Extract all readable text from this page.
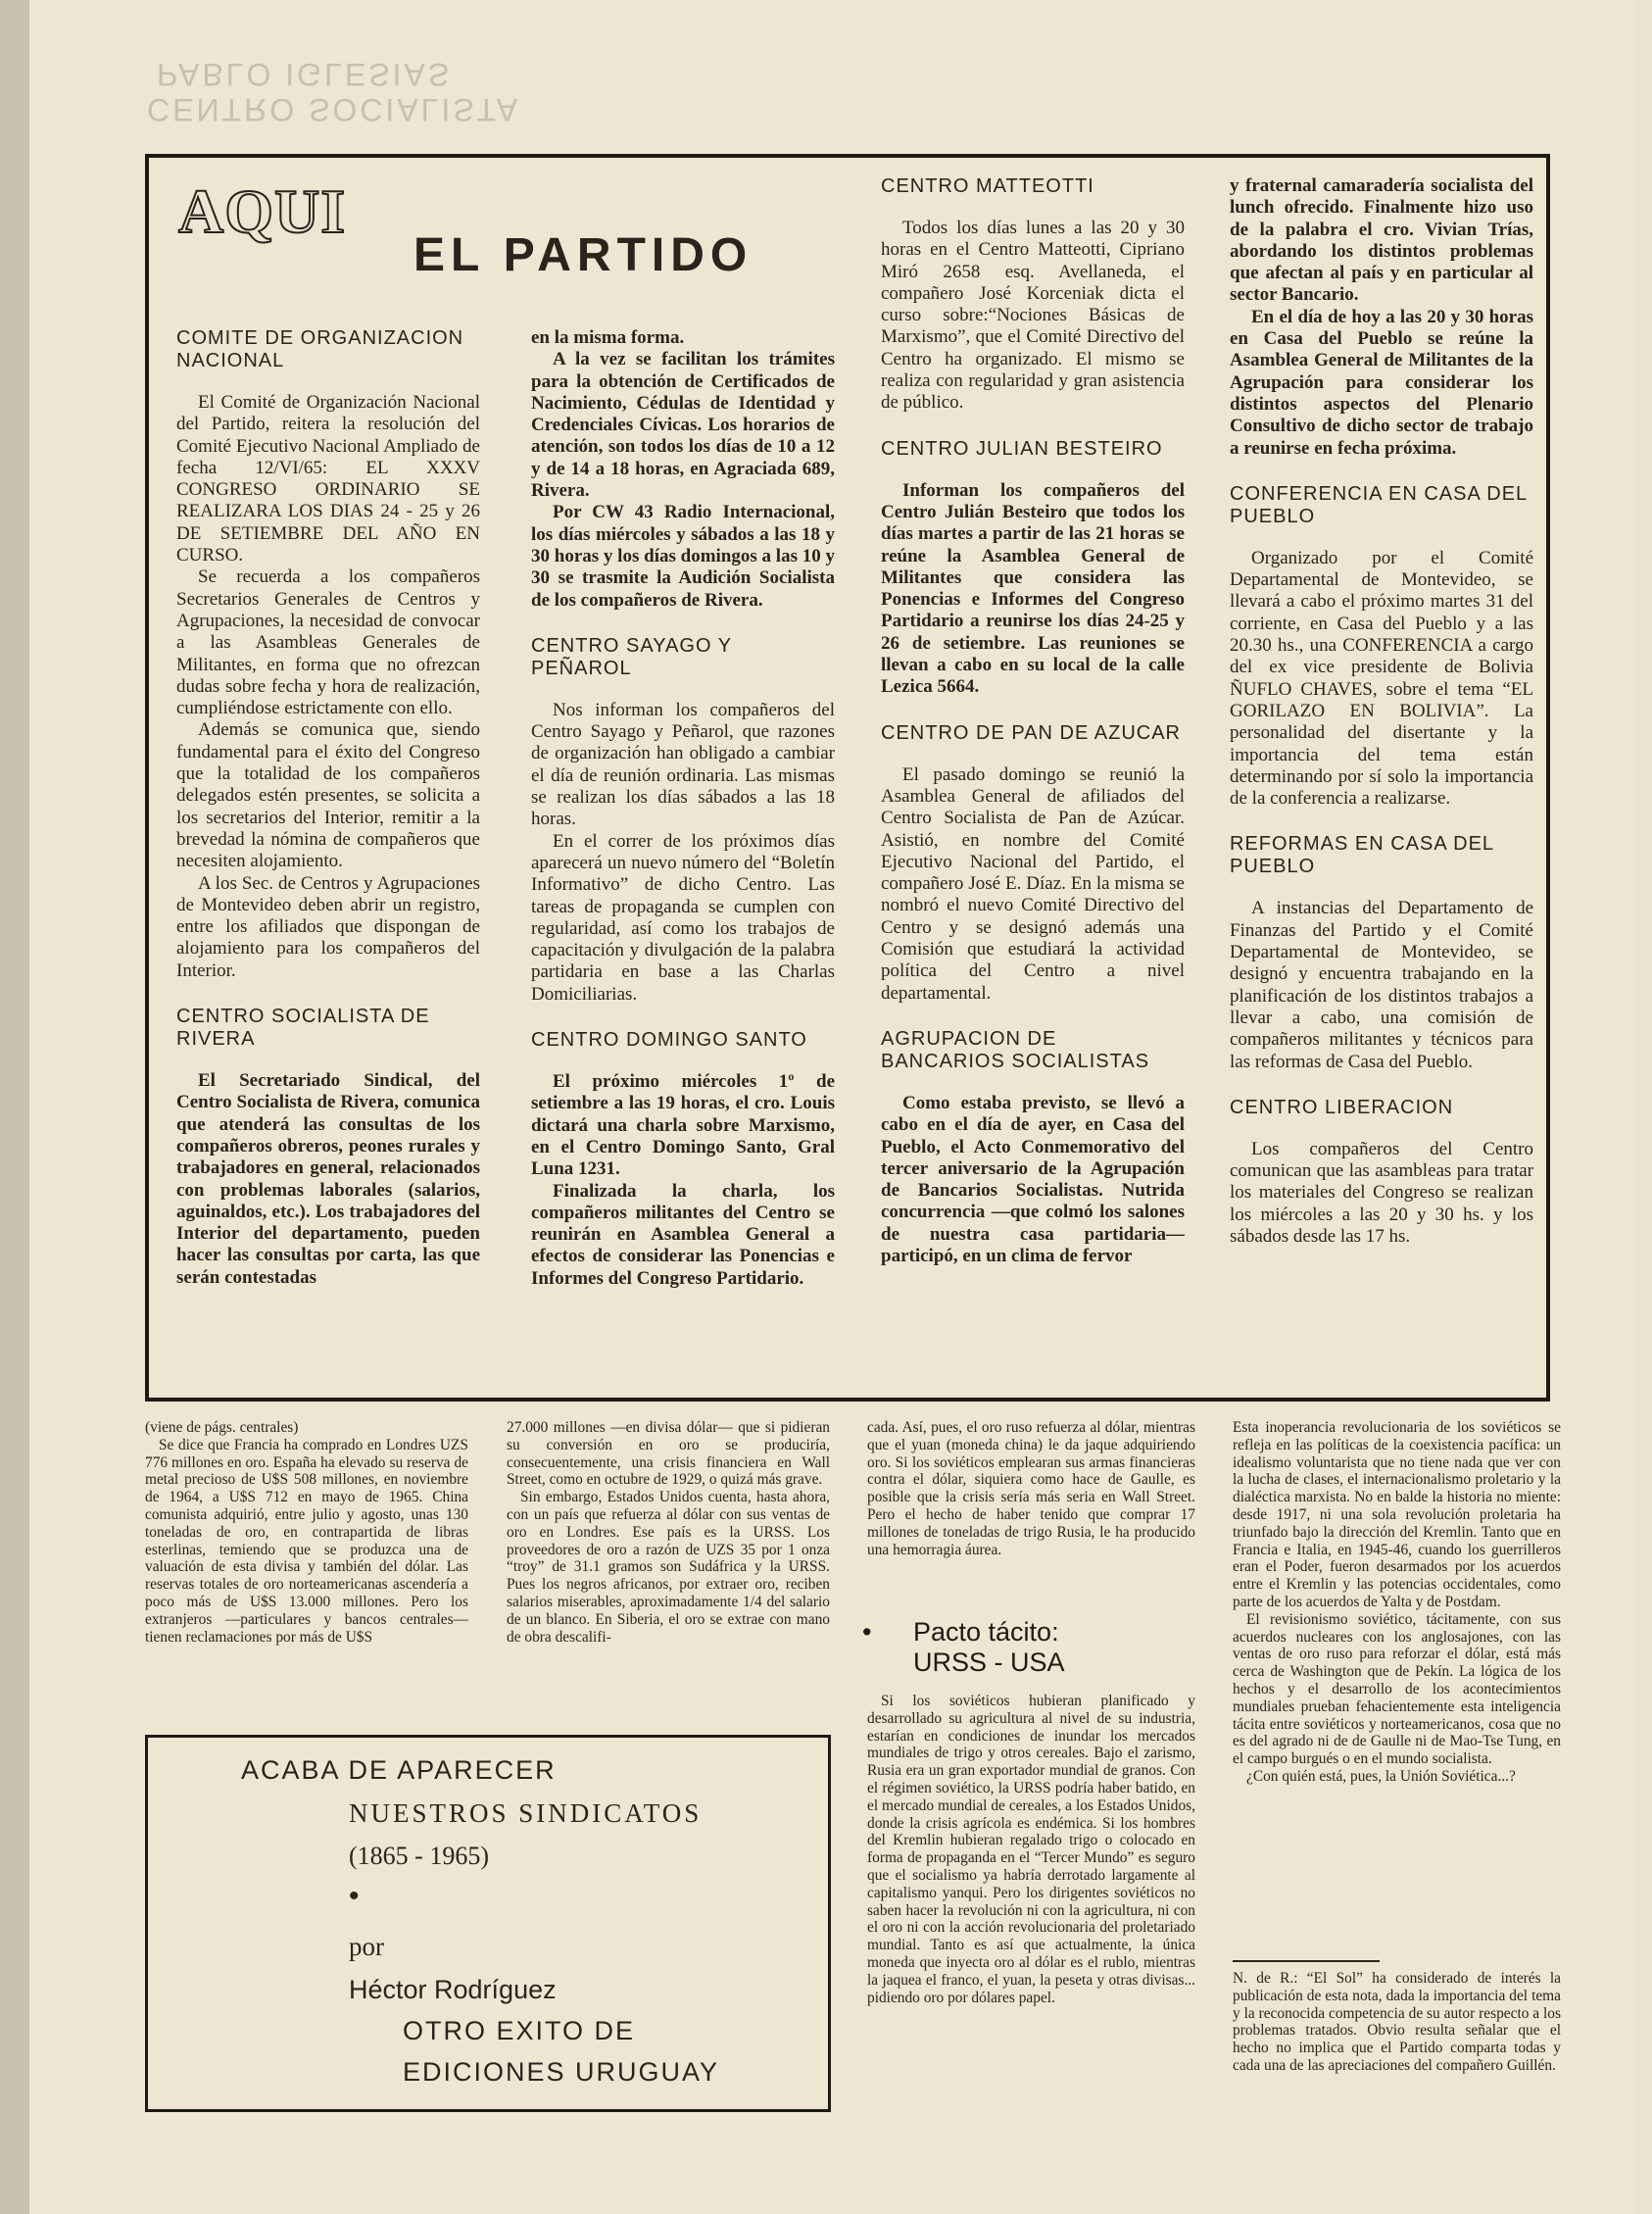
CENTRO SOCIALISTA
PABLO IGLESIAS
AQUI
EL PARTIDO
COMITE DE ORGANIZACION NACIONAL

El Comité de Organización Nacional del Partido, reitera la resolución del Comité Ejecutivo Nacional Ampliado de fecha 12/VI/65: EL XXXV CONGRESO ORDINARIO SE REALIZARA LOS DIAS 24 - 25 y 26 DE SETIEMBRE DEL AÑO EN CURSO.

Se recuerda a los compañeros Secretarios Generales de Centros y Agrupaciones, la necesidad de convocar a las Asambleas Generales de Militantes, en forma que no ofrezcan dudas sobre fecha y hora de realización, cumpliéndose estrictamente con ello.

Además se comunica que, siendo fundamental para el éxito del Congreso que la totalidad de los compañeros delegados estén presentes, se solicita a los secretarios del Interior, remitir a la brevedad la nómina de compañeros que necesiten alojamiento.

A los Sec. de Centros y Agrupaciones de Montevideo deben abrir un registro, entre los afiliados que dispongan de alojamiento para los compañeros del Interior.

CENTRO SOCIALISTA DE RIVERA

El Secretariado Sindical, del Centro Socialista de Rivera, comunica que atenderá las consultas de los compañeros obreros, peones rurales y trabajadores en general, relacionados con problemas laborales (salarios, aguinaldos, etc.). Los trabajadores del Interior del departamento, pueden hacer las consultas por carta, las que serán contestadas

en la misma forma.

A la vez se facilitan los trámites para la obtención de Certificados de Nacimiento, Cédulas de Identidad y Credenciales Cívicas. Los horarios de atención, son todos los días de 10 a 12 y de 14 a 18 horas, en Agraciada 689, Rivera.

Por CW 43 Radio Internacional, los días miércoles y sábados a las 18 y 30 horas y los días domingos a las 10 y 30 se trasmite la Audición Socialista de los compañeros de Rivera.

CENTRO SAYAGO Y PEÑAROL

Nos informan los compañeros del Centro Sayago y Peñarol, que razones de organización han obligado a cambiar el día de reunión ordinaria. Las mismas se realizan los días sábados a las 18 horas.

En el correr de los próximos días aparecerá un nuevo número del “Boletín Informativo” de dicho Centro. Las tareas de propaganda se cumplen con regularidad, así como los trabajos de capacitación y divulgación de la palabra partidaria en base a las Charlas Domiciliarias.

CENTRO DOMINGO SANTO

El próximo miércoles 1º de setiembre a las 19 horas, el cro. Louis dictará una charla sobre Marxismo, en el Centro Domingo Santo, Gral Luna 1231.

Finalizada la charla, los compañeros militantes del Centro se reunirán en Asamblea General a efectos de considerar las Ponencias e Informes del Congreso Partidario.

CENTRO MATTEOTTI

Todos los días lunes a las 20 y 30 horas en el Centro Matteotti, Cipriano Miró 2658 esq. Avellaneda, el compañero José Korceniak dicta el curso sobre:“Nociones Básicas de Marxismo”, que el Comité Directivo del Centro ha organizado. El mismo se realiza con regularidad y gran asistencia de público.

CENTRO JULIAN BESTEIRO

Informan los compañeros del Centro Julián Besteiro que todos los días martes a partir de las 21 horas se reúne la Asamblea General de Militantes que considera las Ponencias e Informes del Congreso Partidario a reunirse los días 24-25 y 26 de setiembre. Las reuniones se llevan a cabo en su local de la calle Lezica 5664.

CENTRO DE PAN DE AZUCAR

El pasado domingo se reunió la Asamblea General de afiliados del Centro Socialista de Pan de Azúcar. Asistió, en nombre del Comité Ejecutivo Nacional del Partido, el compañero José E. Díaz. En la misma se nombró el nuevo Comité Directivo del Centro y se designó además una Comisión que estudiará la actividad política del Centro a nivel departamental.

AGRUPACION DE BANCARIOS SOCIALISTAS

Como estaba previsto, se llevó a cabo en el día de ayer, en Casa del Pueblo, el Acto Conmemorativo del tercer aniversario de la Agrupación de Bancarios Socialistas. Nutrida concurrencia —que colmó los salones de nuestra casa partidaria— participó, en un clima de fervor

y fraternal camaradería socialista del lunch ofrecido. Finalmente hizo uso de la palabra el cro. Vivian Trías, abordando los distintos problemas que afectan al país y en particular al sector Bancario.

En el día de hoy a las 20 y 30 horas en Casa del Pueblo se reúne la Asamblea General de Militantes de la Agrupación para considerar los distintos aspectos del Plenario Consultivo de dicho sector de trabajo a reunirse en fecha próxima.

CONFERENCIA EN CASA DEL PUEBLO

Organizado por el Comité Departamental de Montevideo, se llevará a cabo el próximo martes 31 del corriente, en Casa del Pueblo y a las 20.30 hs., una CONFERENCIA a cargo del ex vice presidente de Bolivia ÑUFLO CHAVES, sobre el tema “EL GORILAZO EN BOLIVIA”. La personalidad del disertante y la importancia del tema están determinando por sí solo la importancia de la conferencia a realizarse.

REFORMAS EN CASA DEL PUEBLO

A instancias del Departamento de Finanzas del Partido y el Comité Departamental de Montevideo, se designó y encuentra trabajando en la planificación de los distintos trabajos a llevar a cabo, una comisión de compañeros militantes y técnicos para las reformas de Casa del Pueblo.

CENTRO LIBERACION

Los compañeros del Centro comunican que las asambleas para tratar los materiales del Congreso se realizan los miércoles a las 20 y 30 hs. y los sábados desde las 17 hs.

(viene de págs. centrales)

Se dice que Francia ha comprado en Londres UZS 776 millones en oro. España ha elevado su reserva de metal precioso de U$S 508 millones, en noviembre de 1964, a U$S 712 en mayo de 1965. China comunista adquirió, entre julio y agosto, unas 130 toneladas de oro, en contrapartida de libras esterlinas, temiendo que se produzca una de valuación de esta divisa y también del dólar. Las reservas totales de oro norteamericanas ascendería a poco más de U$S 13.000 millones. Pero los extranjeros —particulares y bancos centrales— tienen reclamaciones por más de U$S

27.000 millones —en divisa dólar— que si pidieran su conversión en oro se produciría, consecuentemente, una crisis financiera en Wall Street, como en octubre de 1929, o quizá más grave.

Sin embargo, Estados Unidos cuenta, hasta ahora, con un país que refuerza al dólar con sus ventas de oro en Londres. Ese país es la URSS. Los proveedores de oro a razón de UZS 35 por 1 onza “troy” de 31.1 gramos son Sudáfrica y la URSS. Pues los negros africanos, por extraer oro, reciben salarios miserables, aproximadamente 1/4 del salario de un blanco. En Siberia, el oro se extrae con mano de obra descalifi-

cada. Así, pues, el oro ruso refuerza al dólar, mientras que el yuan (moneda china) le da jaque adquiriendo oro. Si los soviéticos emplearan sus armas financieras contra el dólar, siquiera como hace de Gaulle, es posible que la crisis sería más seria en Wall Street. Pero el hecho de haber tenido que comprar 17 millones de toneladas de trigo Rusia, le ha producido una hemorragia áurea.

•	Pacto tácito:
URSS - USA

Si los soviéticos hubieran planificado y desarrollado su agricultura al nivel de su industria, estarían en condiciones de inundar los mercados mundiales de trigo y otros cereales. Bajo el zarismo, Rusia era un gran exportador mundial de granos. Con el régimen soviético, la URSS podría haber batido, en el mercado mundial de cereales, a los Estados Unidos, donde la crisis agrícola es endémica. Si los hombres del Kremlin hubieran regalado trigo o colocado en forma de propaganda en el “Tercer Mundo” es seguro que el socialismo ya habría derrotado largamente al capitalismo yanqui. Pero los dirigentes soviéticos no saben hacer la revolución ni con la agricultura, ni con el oro ni con la acción revolucionaria del proletariado mundial. Tanto es así que actualmente, la única moneda que inyecta oro al dólar es el rublo, mientras la jaquea el franco, el yuan, la peseta y otras divisas... pidiendo oro por dólares papel.

Esta inoperancia revolucionaria de los soviéticos se refleja en las políticas de la coexistencia pacífica: un idealismo voluntarista que no tiene nada que ver con la lucha de clases, el internacionalismo proletario y la dialéctica marxista. No en balde la historia no miente: desde 1917, ni una sola revolución proletaria ha triunfado bajo la dirección del Kremlin. Tanto que en Francia e Italia, en 1945-46, cuando los guerrilleros eran el Poder, fueron desarmados por los acuerdos entre el Kremlin y las potencias occidentales, como parte de los acuerdos de Yalta y de Postdam.

El revisionismo soviético, tácitamente, con sus acuerdos nucleares con los anglosajones, con las ventas de oro ruso para reforzar el dólar, está más cerca de Washington que de Pekín. La lógica de los hechos y el desarrollo de los acontecimientos mundiales prueban fehacientemente esta inteligencia tácita entre soviéticos y norteamericanos, cosa que no es del agrado ni de de Gaulle ni de Mao-Tse Tung, en el campo burgués o en el mundo socialista.

¿Con quién está, pues, la Unión Soviética...?

N. de R.: “El Sol” ha considerado de interés la publicación de esta nota, dada la importancia del tema y la reconocida competencia de su autor respecto a los problemas tratados. Obvio resulta señalar que el hecho no implica que el Partido comparta todas y cada una de las apreciaciones del compañero Guillén.

ACABA DE APARECER
NUESTROS SINDICATOS
(1865 - 1965)
•
por
Héctor Rodríguez
OTRO EXITO DE
EDICIONES URUGUAY
